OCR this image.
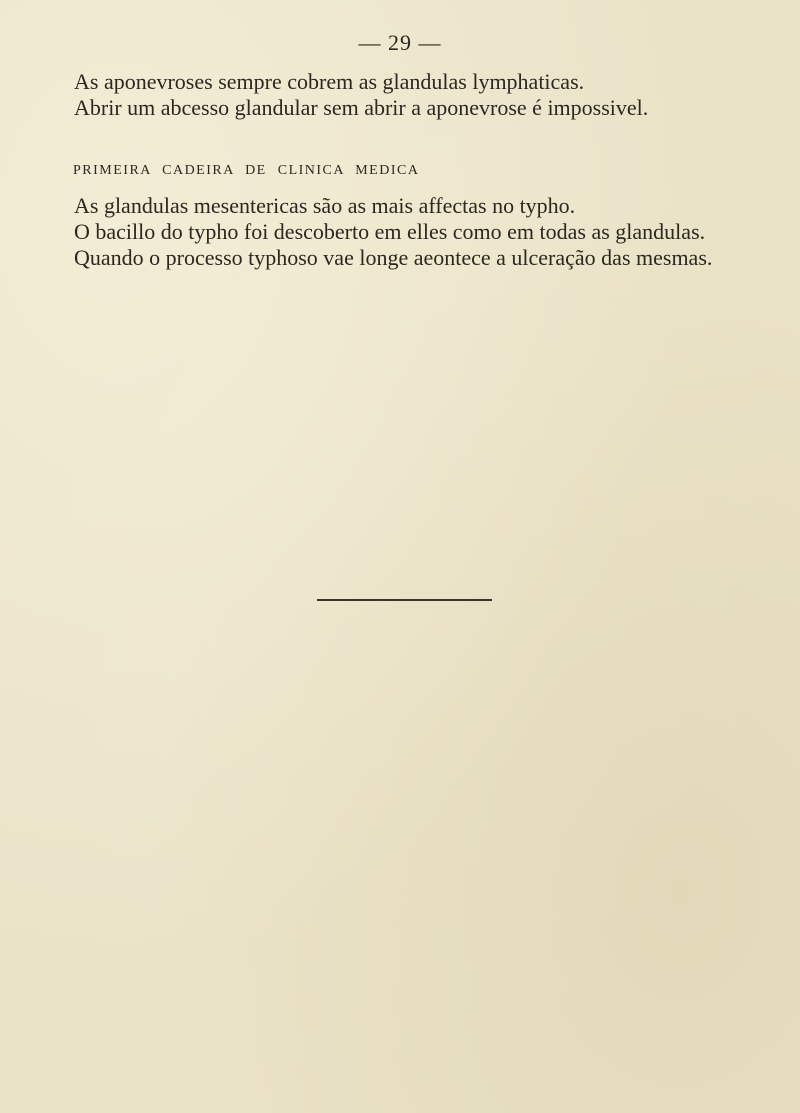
— 29 —

As aponevroses sempre cobrem as glandulas lymphaticas.

Abrir um abcesso glandular sem abrir a aponevrose é impossivel.

PRIMEIRA CADEIRA DE CLINICA MEDICA

As glandulas mesentericas são as mais affectas no typho.

O bacillo do typho foi descoberto em elles como em todas as glandulas.

Quando o processo typhoso vae longe aeontece a ulceração das mesmas.
